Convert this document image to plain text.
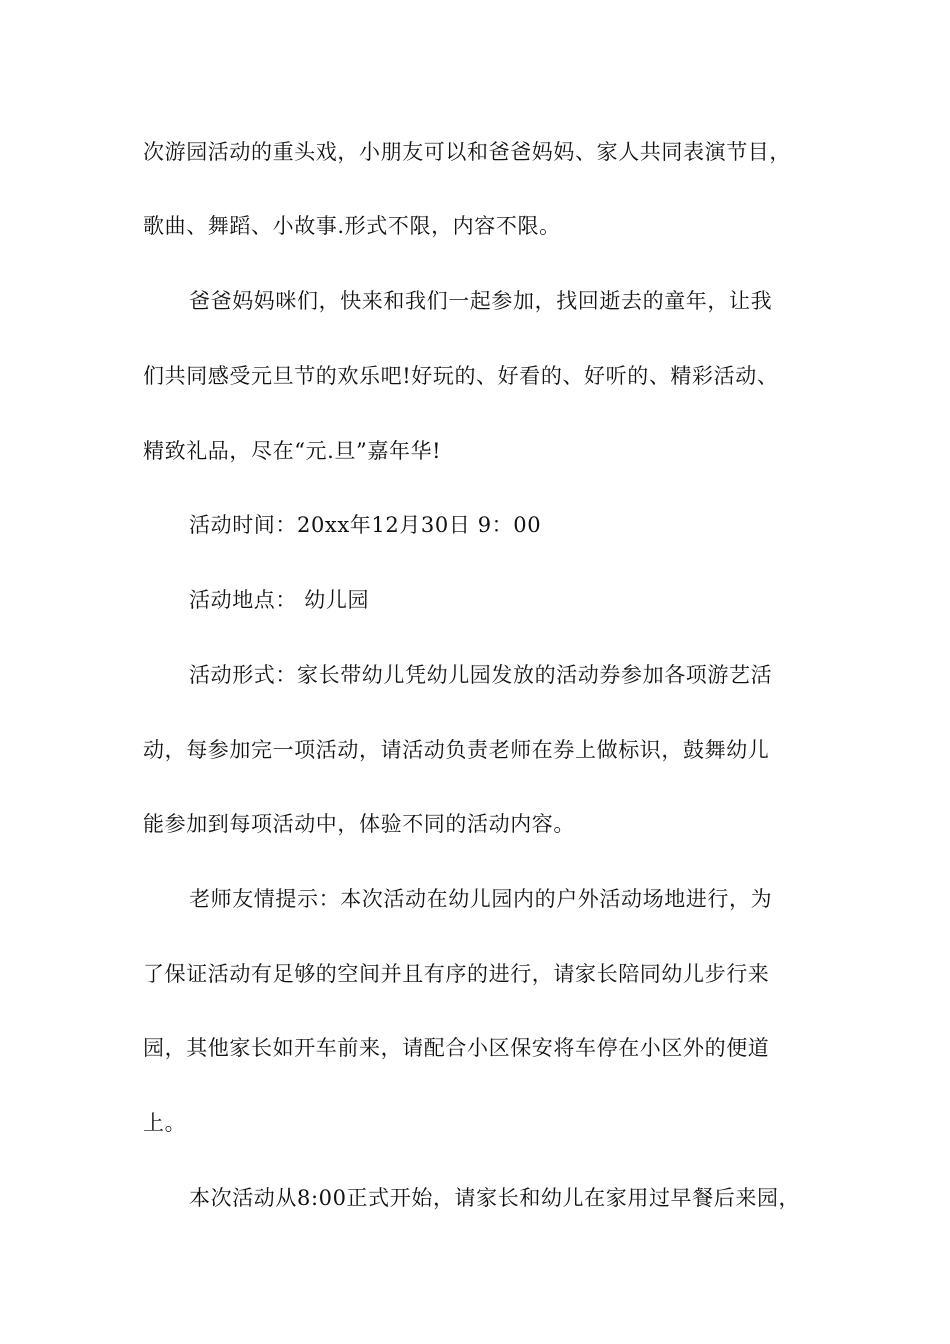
次游园活动的重头戏，小朋友可以和爸爸妈妈、家人共同表演节目，
歌曲、舞蹈、小故事.形式不限，内容不限。
爸爸妈妈咪们，快来和我们一起参加，找回逝去的童年，让我
们共同感受元旦节的欢乐吧!好玩的、好看的、好听的、精彩活动、
精致礼品，尽在“元.旦”嘉年华!
活动时间：20xx年12月30日 9：00
活动地点： 幼儿园
活动形式：家长带幼儿凭幼儿园发放的活动券参加各项游艺活
动，每参加完一项活动，请活动负责老师在券上做标识，鼓舞幼儿
能参加到每项活动中，体验不同的活动内容。
老师友情提示：本次活动在幼儿园内的户外活动场地进行，为
了保证活动有足够的空间并且有序的进行，请家长陪同幼儿步行来
园，其他家长如开车前来，请配合小区保安将车停在小区外的便道
上。
本次活动从8:00正式开始，请家长和幼儿在家用过早餐后来园，
